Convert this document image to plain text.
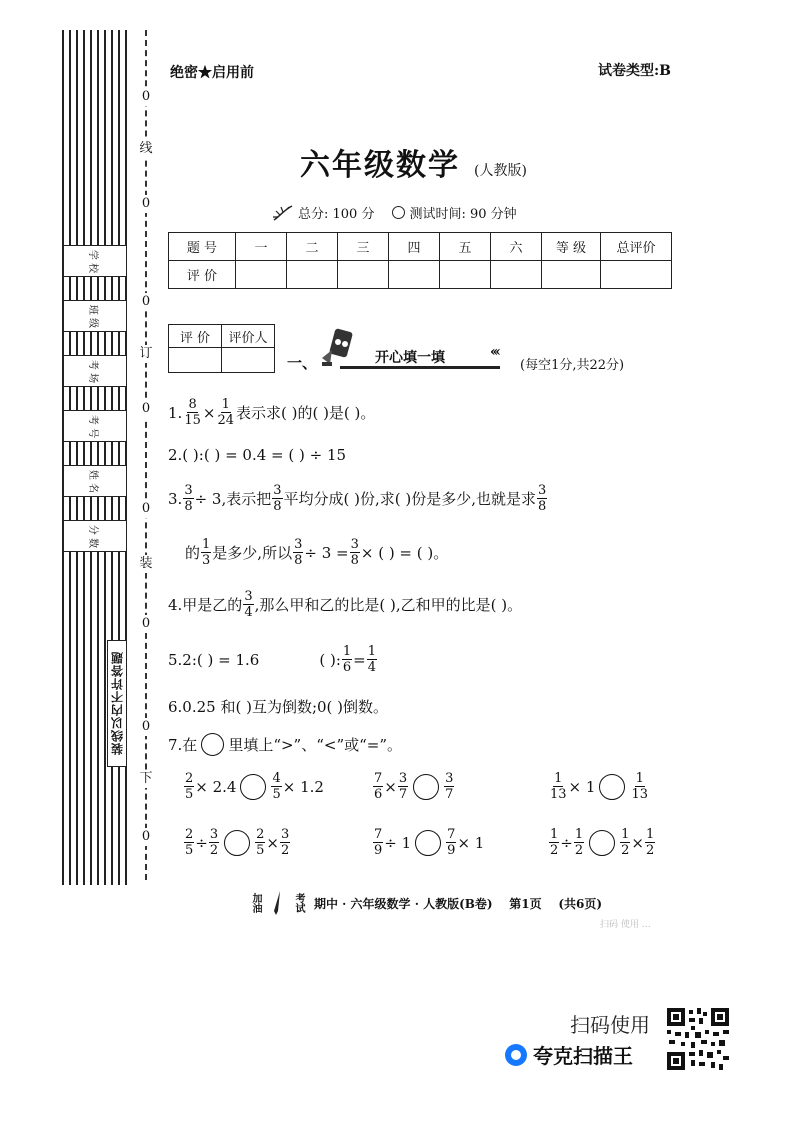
0
线
0
0
订
0
0
装
0
0
下
0
学 校
班 级
考 场
考 号
姓 名
分 数
装线以内不许答题
绝密★启用前	试卷类型:B
六年级数学 (人教版)
总分: 100 分	测试时间: 90 分钟
题 号	一	二	三	四	五	六	等 级	总评价
评 价								
评 价	评价人

一、	开心填一填	‹‹‹
(每空1分,共22分)
1. $\frac{8}{15} \times \frac{1}{24}$ 表示求( )的( )是( )。
2.( ):( ) = 0.4 = ( ) ÷ 15
3. $\frac{3}{8} \div 3$,表示把 $\frac{3}{8}$ 平均分成( )份,求( )份是多少,也就是求 $\frac{3}{8}$
的 $\frac{1}{3}$ 是多少,所以 $\frac{3}{8} \div 3 = \frac{3}{8}$ × ( ) = ( )。
4.甲是乙的 $\frac{3}{4}$ ,那么甲和乙的比是( ),乙和甲的比是( )。
5.2:( ) = 1.6	( ): $\frac{1}{6} = \frac{1}{4}$
6.0.25 和( )互为倒数;0( )倒数。
7.在 里填上“>”、“<”或“=”。
$\frac{2}{5} \times 2.4$	$\frac{4}{5} \times 1.2$	$\frac{7}{6} \times \frac{3}{7}$	$\frac{3}{7}$	$\frac{1}{13} \times 1$	$\frac{1}{13}$
$\frac{2}{5} \div \frac{3}{2}$	$\frac{2}{5} \times \frac{3}{2}$	$\frac{7}{9} \div 1$	$\frac{7}{9} \times 1$	$\frac{1}{2} \div \frac{1}{2}$	$\frac{1}{2} \times \frac{1}{2}$
加油	考试 期中 · 六年级数学 · 人教版(B卷)    第1页    (共6页)
扫码 使用 …
扫码使用
夸克扫描王
